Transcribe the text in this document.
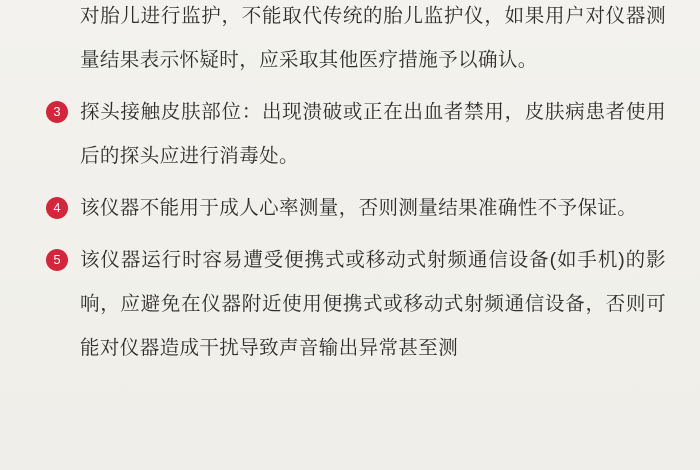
对胎儿进行监护，不能取代传统的胎儿监护仪，如果用户对仪器测量结果表示怀疑时，应采取其他医疗措施予以确认。
3 探头接触皮肤部位：出现溃破或正在出血者禁用，皮肤病患者使用后的探头应进行消毒处。
4 该仪器不能用于成人心率测量，否则测量结果准确性不予保证。
5 该仪器运行时容易遭受便携式或移动式射频通信设备(如手机)的影响，应避免在仪器附近使用便携式或移动式射频通信设备，否则可能对仪器造成干扰导致声音输出异常甚至测
